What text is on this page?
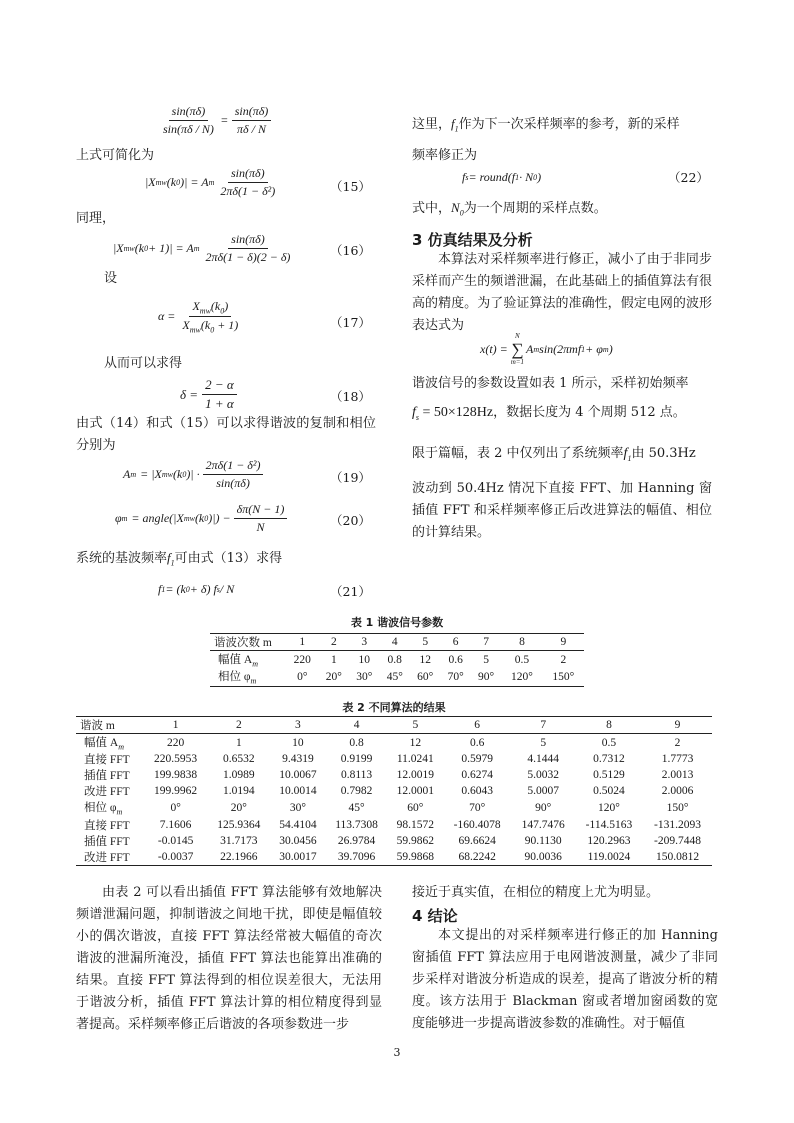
$\frac{\sin(\pi\delta)}{\sin(\pi\delta / N)} = \frac{\sin(\pi\delta)}{\pi\delta / N}$
上式可简化为
|X mw (k 0 )| = A m $\frac{\sin(\pi\delta)}{\text{2πδ(1 − δ²)}}$	（15）
同理，
|X mw (k 0 + 1)| = A m $\frac{\sin(\pi\delta)}{2\pi\delta(1 - \delta)(2 - \delta)}$	（16）
设
$\alpha = \frac{X_{mw}(k_0)}{X_{mw}(k_0 + 1)}$	（17）
从而可以求得
$\delta = \frac{2 - \alpha}{1 + \alpha}$	（18）
由式（14）和式（15）可以求得谐波的复制和相位分别为
A m = |X mw (k 0 )| · $\frac{\text{2πδ(1 − δ²)}}{\sin(\pi\delta)}$	（19）
φ m = angle(|X mw (k 0 )|) − $\frac{\delta\pi(N - 1)}{N}$	（20）
系统的基波频率$f_1$可由式（13）求得
f 1 = (k 0 + δ) f s / N	（21）
这里，$f_1$作为下一次采样频率的参考，新的采样
频率修正为
f s = round(f 1 · N 0 )	（22）
式中，$N_0$为一个周期的采样点数。
3 仿真结果及分析
本算法对采样频率进行修正，减小了由于非同步采样而产生的频谱泄漏，在此基础上的插值算法有很高的精度。为了验证算法的准确性，假定电网的波形表达式为
x(t) =
N
∑
m=1
A m sin(2πmf 1 + φ m )
谐波信号的参数设置如表 1 所示，采样初始频率
$f_s = 50\times 128Hz$，数据长度为 4 个周期 512 点。
限于篇幅，表 2 中仅列出了系统频率$f_1$由 50.3Hz
波动到 50.4Hz 情况下直接 FFT、加 Hanning 窗插值 FFT 和采样频率修正后改进算法的幅值、相位的计算结果。
表 1 谐波信号参数
谐波次数 m	1	2	3	4	5	6	7	8	9
幅值 $A_m$	220	1	10	0.8	12	0.6	5	0.5	2
相位 $\varphi_m$	0°	20°	30°	45°	60°	70°	90°	120°	150°
表 2 不同算法的结果
谐波 m	1	2	3	4	5	6	7	8	9
幅值 $A_m$	220	1	10	0.8	12	0.6	5	0.5	2
直接 FFT	220.5953	0.6532	9.4319	0.9199	11.0241	0.5979	4.1444	0.7312	1.7773
插值 FFT	199.9838	1.0989	10.0067	0.8113	12.0019	0.6274	5.0032	0.5129	2.0013
改进 FFT	199.9962	1.0194	10.0014	0.7982	12.0001	0.6043	5.0007	0.5024	2.0006
相位 $\varphi_m$	0°	20°	30°	45°	60°	70°	90°	120°	150°
直接 FFT	7.1606	125.9364	54.4104	113.7308	98.1572	-160.4078	147.7476	-114.5163	-131.2093
插值 FFT	-0.0145	31.7173	30.0456	26.9784	59.9862	69.6624	90.1130	120.2963	-209.7448
改进 FFT	-0.0037	22.1966	30.0017	39.7096	59.9868	68.2242	90.0036	119.0024	150.0812
由表 2 可以看出插值 FFT 算法能够有效地解决频谱泄漏问题，抑制谐波之间地干扰，即使是幅值较小的偶次谐波，直接 FFT 算法经常被大幅值的奇次谐波的泄漏所淹没，插值 FFT 算法也能算出准确的结果。直接 FFT 算法得到的相位误差很大，无法用于谐波分析，插值 FFT 算法计算的相位精度得到显著提高。采样频率修正后谐波的各项参数进一步
接近于真实值，在相位的精度上尤为明显。
4 结论
本文提出的对采样频率进行修正的加 Hanning 窗插值 FFT 算法应用于电网谐波测量，减少了非同步采样对谐波分析造成的误差，提高了谐波分析的精度。该方法用于 Blackman 窗或者增加窗函数的宽度能够进一步提高谐波参数的准确性。对于幅值
3
